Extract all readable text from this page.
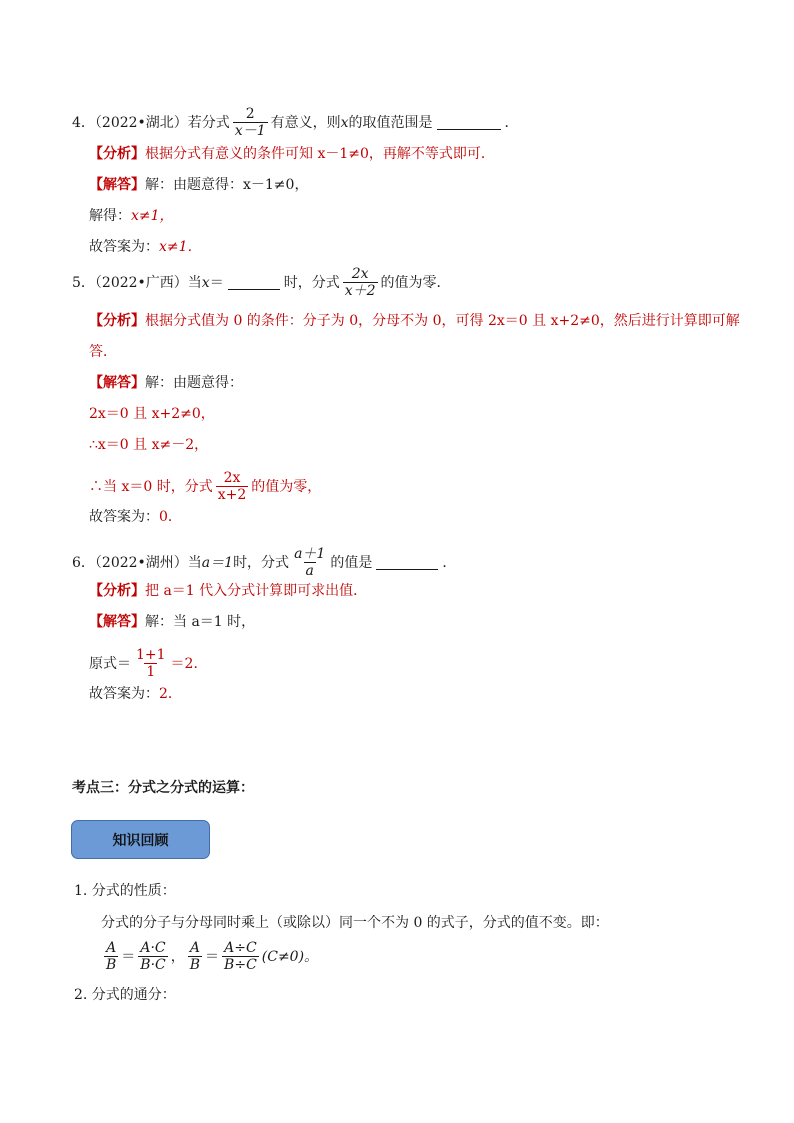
4．（2022•湖北）若分式 $\frac{2}{x-1}$ 有意义，则 x 的取值范围是	．
【分析】 根据分式有意义的条件可知 x－1≠0，再解不等式即可．
【解答】 解：由题意得：x－1≠0，
解得： x≠1，
故答案为： x≠1．
5．（2022•广西）当 x ＝	时，分式 $\frac{2x}{x+2}$ 的值为零．
【分析】 根据分式值为 0 的条件：分子为 0，分母不为 0，可得 2x＝0 且 x+2≠0，然后进行计算即可解
答．
【解答】 解：由题意得：
2x＝0 且 x+2≠0，
∴x＝0 且 x≠－2，
∴当 x＝0 时，分式 $\frac{2x}{x+2}$ 的值为零，
故答案为： 0．
6．（2022•湖州）当 a＝1 时，分式 $\frac{a+1}{a}$ 的值是	．
【分析】 把 a＝1 代入分式计算即可求出值．
【解答】 解：当 a＝1 时，
原式＝ $\frac{1+1}{1} =2$．
故答案为： 2．
考点三：分式之分式的运算：
知识回顾
1. 分式的性质：
分式的分子与分母同时乘上（或除以）同一个不为 0 的式子，分式的值不变。即：
$\frac{A}{B} = \frac{A\cdot C}{B\cdot C}$ ， $\frac{A}{B} = \frac{A\div C}{B\div C} (C\ne 0)$。
2. 分式的通分：
